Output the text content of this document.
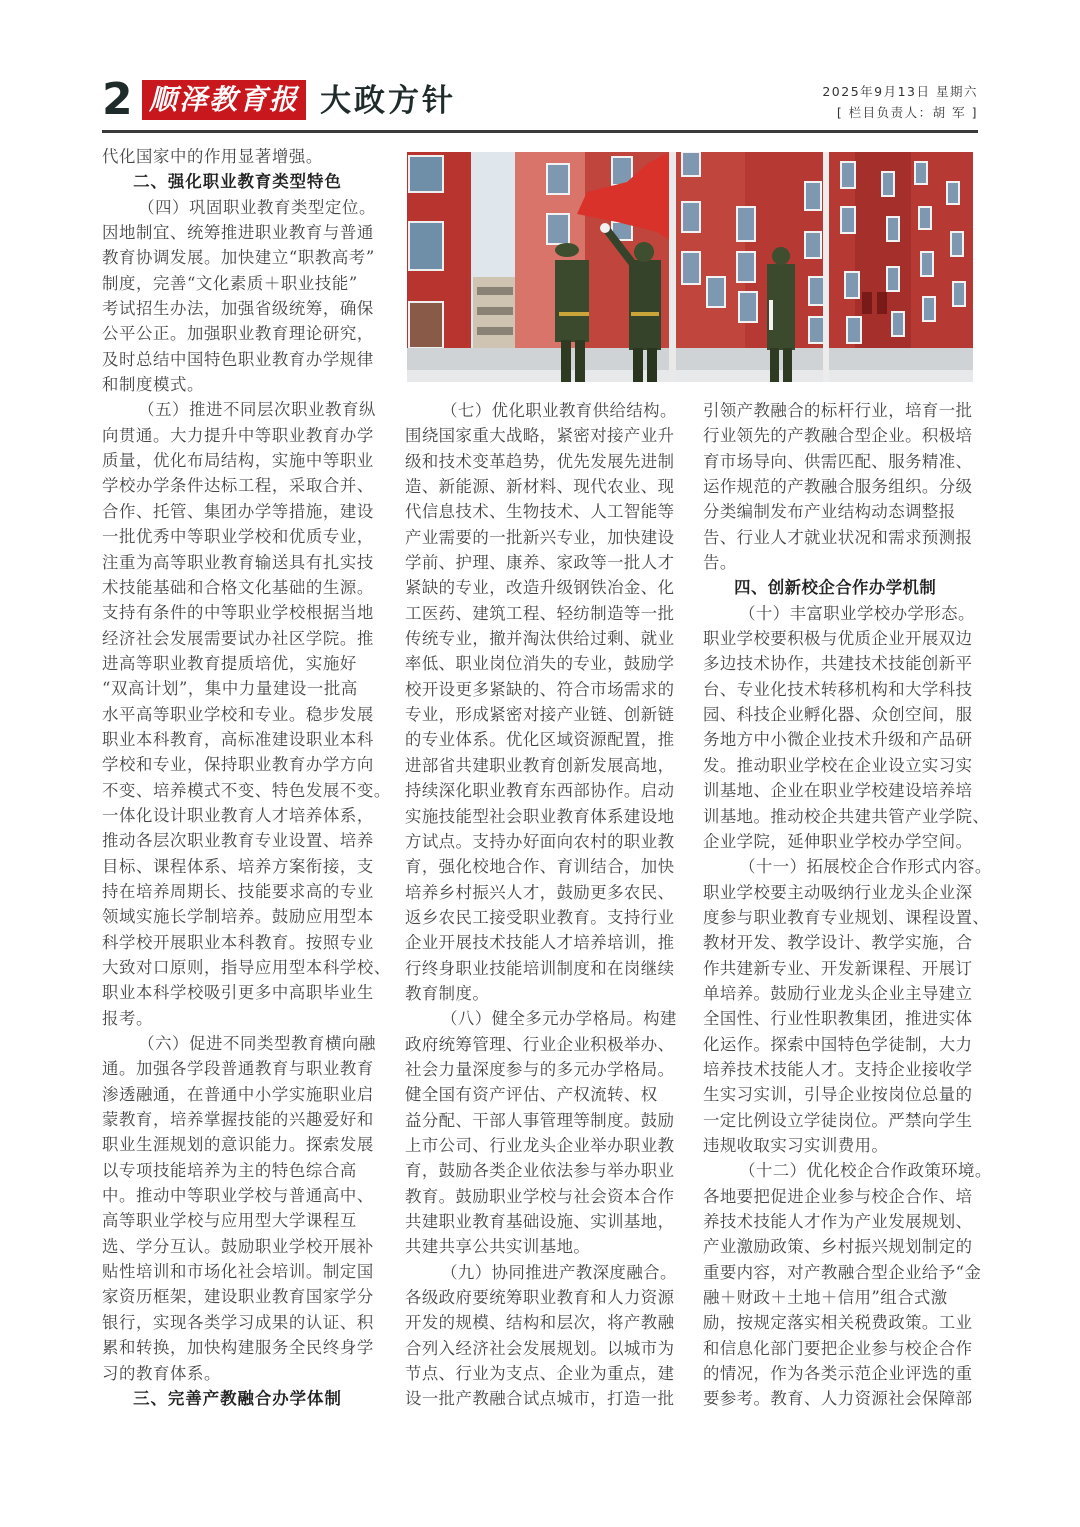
2 顺泽教育报 大政方针	2025年9月13日 星期六
[ 栏目负责人：胡 军 ]
代化国家中的作用显著增强。
二、强化职业教育类型特色
（四）巩固职业教育类型定位。
因地制宜、统筹推进职业教育与普通
教育协调发展。加快建立“职教高考”
制度，完善“文化素质＋职业技能”
考试招生办法，加强省级统筹，确保
公平公正。加强职业教育理论研究，
及时总结中国特色职业教育办学规律
和制度模式。
（五）推进不同层次职业教育纵
向贯通。大力提升中等职业教育办学
质量，优化布局结构，实施中等职业
学校办学条件达标工程，采取合并、
合作、托管、集团办学等措施，建设
一批优秀中等职业学校和优质专业，
注重为高等职业教育输送具有扎实技
术技能基础和合格文化基础的生源。
支持有条件的中等职业学校根据当地
经济社会发展需要试办社区学院。推
进高等职业教育提质培优，实施好
“双高计划”，集中力量建设一批高
水平高等职业学校和专业。稳步发展
职业本科教育，高标准建设职业本科
学校和专业，保持职业教育办学方向
不变、培养模式不变、特色发展不变。
一体化设计职业教育人才培养体系，
推动各层次职业教育专业设置、培养
目标、课程体系、培养方案衔接，支
持在培养周期长、技能要求高的专业
领域实施长学制培养。鼓励应用型本
科学校开展职业本科教育。按照专业
大致对口原则，指导应用型本科学校、
职业本科学校吸引更多中高职毕业生
报考。
（六）促进不同类型教育横向融
通。加强各学段普通教育与职业教育
渗透融通，在普通中小学实施职业启
蒙教育，培养掌握技能的兴趣爱好和
职业生涯规划的意识能力。探索发展
以专项技能培养为主的特色综合高
中。推动中等职业学校与普通高中、
高等职业学校与应用型大学课程互
选、学分互认。鼓励职业学校开展补
贴性培训和市场化社会培训。制定国
家资历框架，建设职业教育国家学分
银行，实现各类学习成果的认证、积
累和转换，加快构建服务全民终身学
习的教育体系。
三、完善产教融合办学体制
（七）优化职业教育供给结构。
围绕国家重大战略，紧密对接产业升
级和技术变革趋势，优先发展先进制
造、新能源、新材料、现代农业、现
代信息技术、生物技术、人工智能等
产业需要的一批新兴专业，加快建设
学前、护理、康养、家政等一批人才
紧缺的专业，改造升级钢铁冶金、化
工医药、建筑工程、轻纺制造等一批
传统专业，撤并淘汰供给过剩、就业
率低、职业岗位消失的专业，鼓励学
校开设更多紧缺的、符合市场需求的
专业，形成紧密对接产业链、创新链
的专业体系。优化区域资源配置，推
进部省共建职业教育创新发展高地，
持续深化职业教育东西部协作。启动
实施技能型社会职业教育体系建设地
方试点。支持办好面向农村的职业教
育，强化校地合作、育训结合，加快
培养乡村振兴人才，鼓励更多农民、
返乡农民工接受职业教育。支持行业
企业开展技术技能人才培养培训，推
行终身职业技能培训制度和在岗继续
教育制度。
（八）健全多元办学格局。构建
政府统筹管理、行业企业积极举办、
社会力量深度参与的多元办学格局。
健全国有资产评估、产权流转、权
益分配、干部人事管理等制度。鼓励
上市公司、行业龙头企业举办职业教
育，鼓励各类企业依法参与举办职业
教育。鼓励职业学校与社会资本合作
共建职业教育基础设施、实训基地，
共建共享公共实训基地。
（九）协同推进产教深度融合。
各级政府要统筹职业教育和人力资源
开发的规模、结构和层次，将产教融
合列入经济社会发展规划。以城市为
节点、行业为支点、企业为重点，建
设一批产教融合试点城市，打造一批
引领产教融合的标杆行业，培育一批
行业领先的产教融合型企业。积极培
育市场导向、供需匹配、服务精准、
运作规范的产教融合服务组织。分级
分类编制发布产业结构动态调整报
告、行业人才就业状况和需求预测报
告。
四、创新校企合作办学机制
（十）丰富职业学校办学形态。
职业学校要积极与优质企业开展双边
多边技术协作，共建技术技能创新平
台、专业化技术转移机构和大学科技
园、科技企业孵化器、众创空间，服
务地方中小微企业技术升级和产品研
发。推动职业学校在企业设立实习实
训基地、企业在职业学校建设培养培
训基地。推动校企共建共管产业学院、
企业学院，延伸职业学校办学空间。
（十一）拓展校企合作形式内容。
职业学校要主动吸纳行业龙头企业深
度参与职业教育专业规划、课程设置、
教材开发、教学设计、教学实施，合
作共建新专业、开发新课程、开展订
单培养。鼓励行业龙头企业主导建立
全国性、行业性职教集团，推进实体
化运作。探索中国特色学徒制，大力
培养技术技能人才。支持企业接收学
生实习实训，引导企业按岗位总量的
一定比例设立学徒岗位。严禁向学生
违规收取实习实训费用。
（十二）优化校企合作政策环境。
各地要把促进企业参与校企合作、培
养技术技能人才作为产业发展规划、
产业激励政策、乡村振兴规划制定的
重要内容，对产教融合型企业给予“金
融＋财政＋土地＋信用”组合式激
励，按规定落实相关税费政策。工业
和信息化部门要把企业参与校企合作
的情况，作为各类示范企业评选的重
要参考。教育、人力资源社会保障部
